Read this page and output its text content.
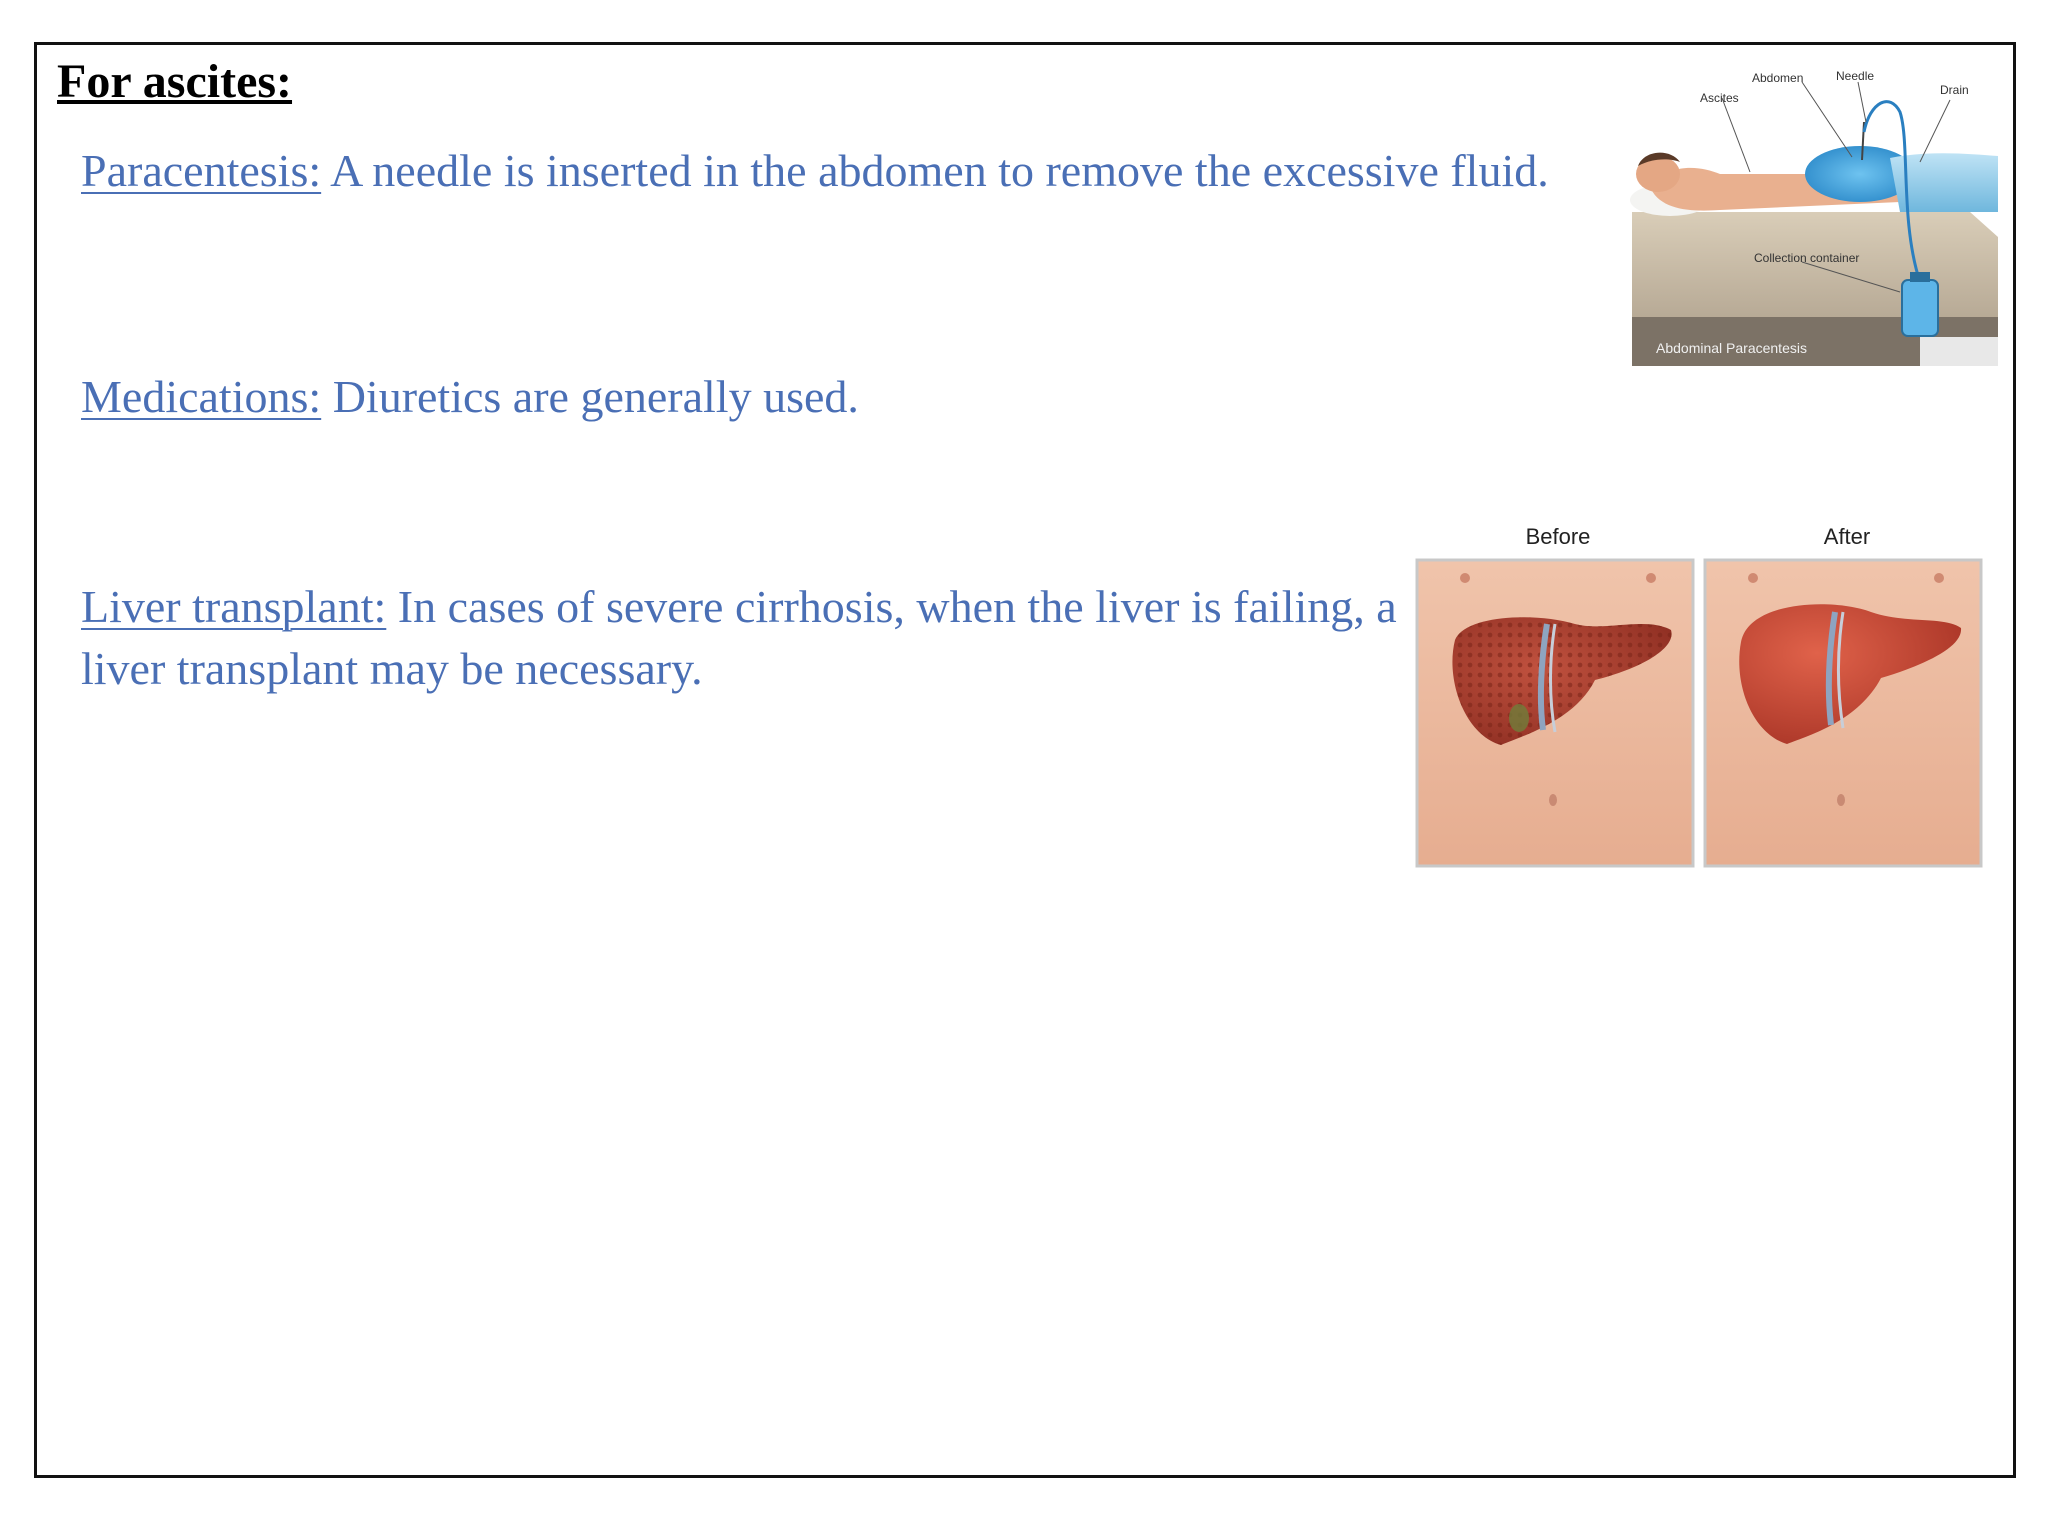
For ascites:

Paracentesis: A needle is inserted in the abdomen to remove the excessive fluid.

Medications: Diuretics are generally used.

Liver transplant: In cases of severe cirrhosis, when the liver is failing, a liver transplant may be necessary.

Ascites
Abdomen	Needle
Drain
Collection container
Abdominal Paracentesis
Before	After
